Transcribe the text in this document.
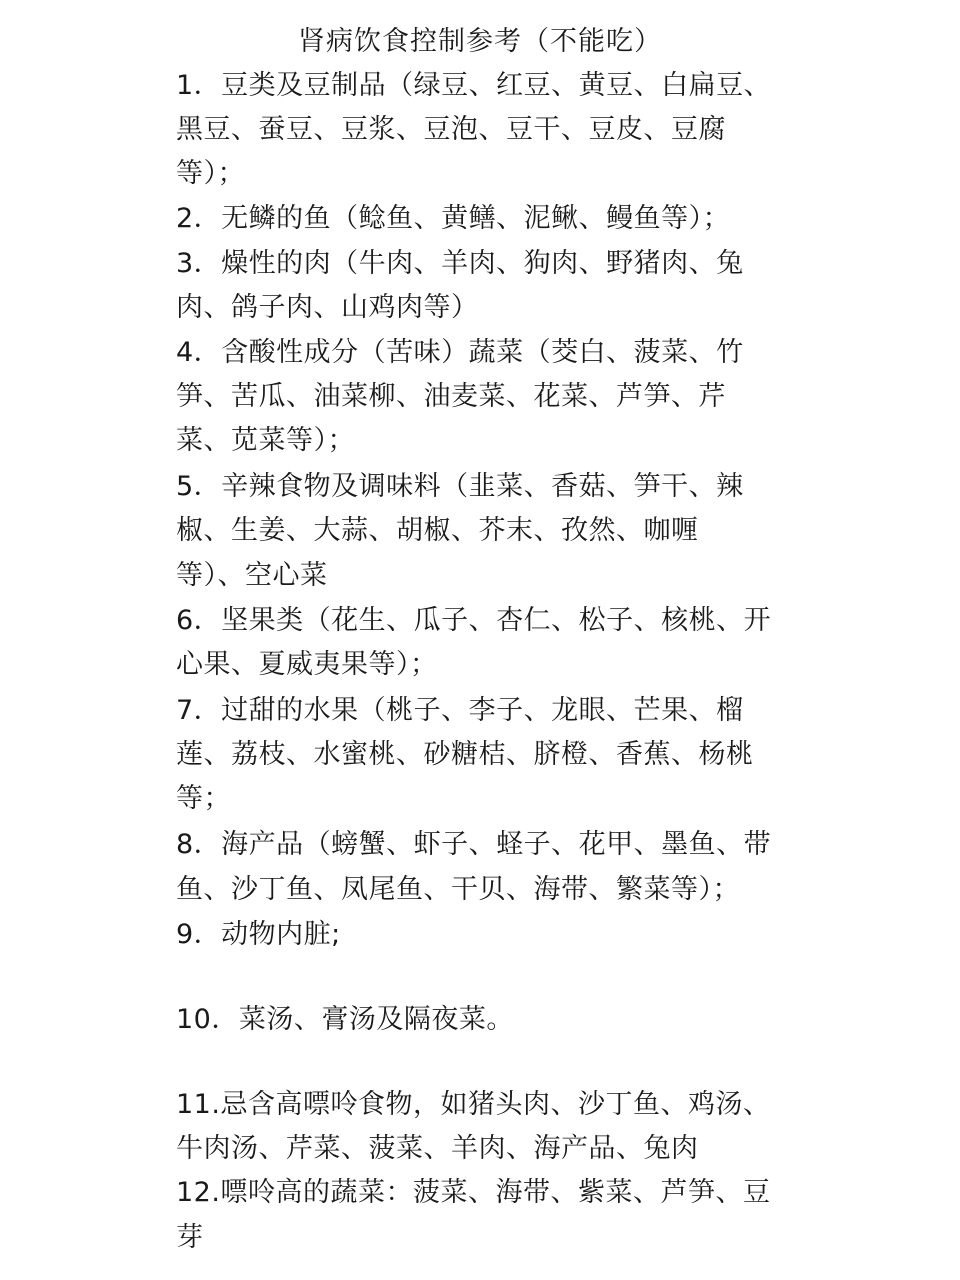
肾病饮食控制参考（不能吃）
1．豆类及豆制品（绿豆、红豆、黄豆、白扁豆、
黑豆、蚕豆、豆浆、豆泡、豆干、豆皮、豆腐
等）；
2．无鳞的鱼（鲶鱼、黄鳝、泥鳅、鳗鱼等）；
3．燥性的肉（牛肉、羊肉、狗肉、野猪肉、兔
肉、鸽子肉、山鸡肉等）
4．含酸性成分（苦味）蔬菜（茭白、菠菜、竹
笋、苦瓜、油菜柳、油麦菜、花菜、芦笋、芹
菜、苋菜等）；
5．辛辣食物及调味料（韭菜、香菇、笋干、辣
椒、生姜、大蒜、胡椒、芥末、孜然、咖喱
等）、空心菜
6．坚果类（花生、瓜子、杏仁、松子、核桃、开
心果、夏威夷果等）；
7．过甜的水果（桃子、李子、龙眼、芒果、榴
莲、荔枝、水蜜桃、砂糖桔、脐橙、香蕉、杨桃
等；
8．海产品（螃蟹、虾子、蛏子、花甲、墨鱼、带
鱼、沙丁鱼、凤尾鱼、干贝、海带、繁菜等）；
9．动物内脏;
10．菜汤、膏汤及隔夜菜。
11.忌含高嘌呤食物，如猪头肉、沙丁鱼、鸡汤、
牛肉汤、芹菜、菠菜、羊肉、海产品、兔肉
12.嘌呤高的蔬菜：菠菜、海带、紫菜、芦笋、豆
芽
